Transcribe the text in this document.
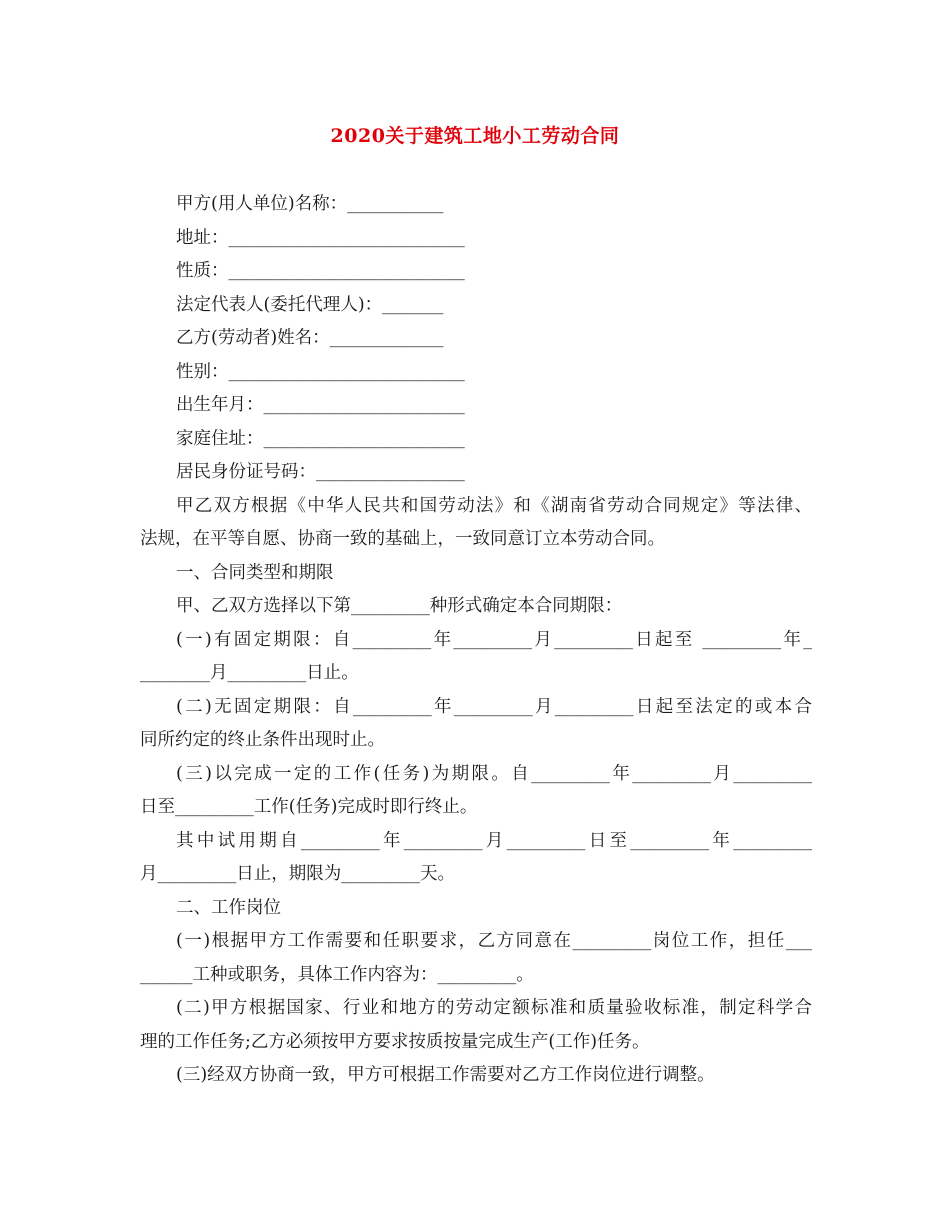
2020关于建筑工地小工劳动合同
甲方(用人单位)名称：___________
地址：___________________________
性质：___________________________
法定代表人(委托代理人)：_______
乙方(劳动者)姓名：_____________
性别：___________________________
出生年月：_______________________
家庭住址：_______________________
居民身份证号码：_________________
甲乙双方根据《中华人民共和国劳动法》和《湖南省劳动合同规定》等法律、
法规，在平等自愿、协商一致的基础上，一致同意订立本劳动合同。
一、合同类型和期限
甲、乙双方选择以下第_________种形式确定本合同期限：
(一)有固定期限：自_________年_________月_________日起至 _________年_
________月_________日止。
(二)无固定期限：自_________年_________月_________日起至法定的或本合
同所约定的终止条件出现时止。
(三)以完成一定的工作(任务)为期限。自_________年_________月_________
日至_________工作(任务)完成时即行终止。
其中试用期自_________年_________月_________日至_________年_________
月_________日止，期限为_________天。
二、工作岗位
(一)根据甲方工作需要和任职要求，乙方同意在_________岗位工作，担任___
______工种或职务，具体工作内容为：_________。
(二)甲方根据国家、行业和地方的劳动定额标准和质量验收标准，制定科学合
理的工作任务;乙方必须按甲方要求按质按量完成生产(工作)任务。
(三)经双方协商一致，甲方可根据工作需要对乙方工作岗位进行调整。
